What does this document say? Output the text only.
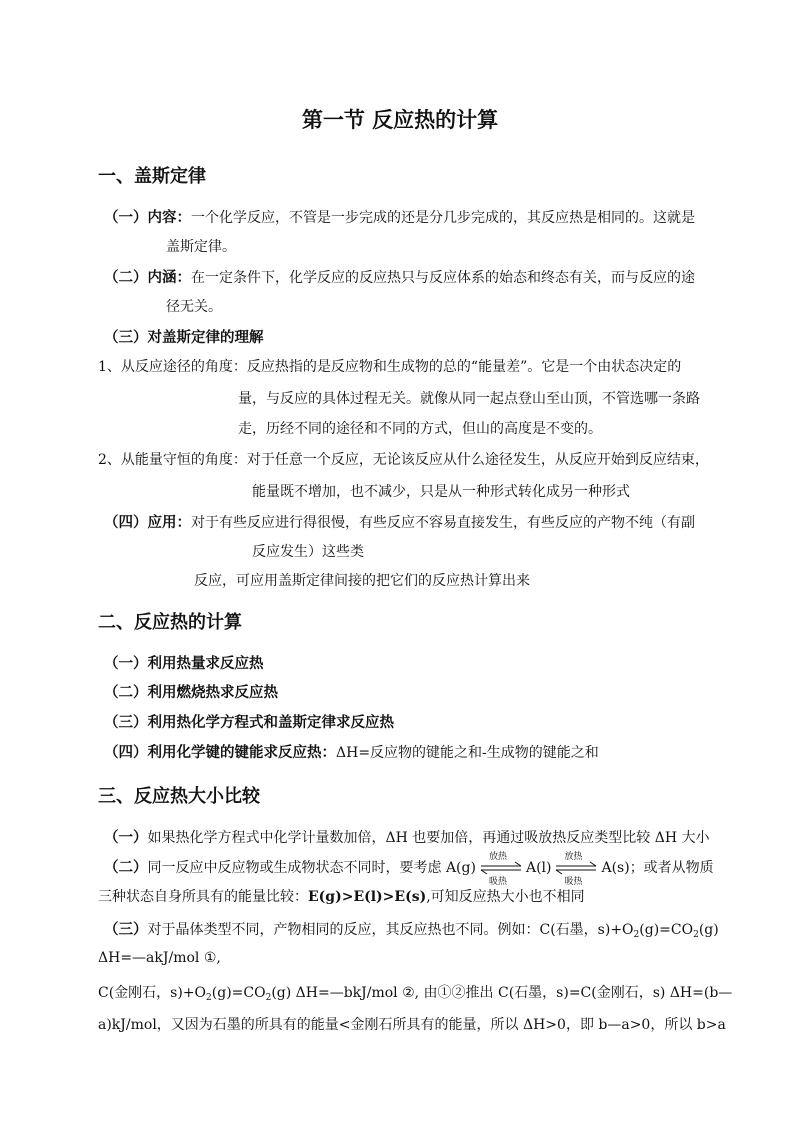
第一节 反应热的计算
一、盖斯定律
（一）内容：一个化学反应，不管是一步完成的还是分几步完成的，其反应热是相同的。这就是
盖斯定律。
（二）内涵：在一定条件下，化学反应的反应热只与反应体系的始态和终态有关，而与反应的途
径无关。
（三）对盖斯定律的理解
1、从反应途径的角度：反应热指的是反应物和生成物的总的“能量差”。它是一个由状态决定的
量，与反应的具体过程无关。就像从同一起点登山至山顶，不管选哪一条路
走，历经不同的途径和不同的方式，但山的高度是不变的。
2、从能量守恒的角度：对于任意一个反应，无论该反应从什么途径发生，从反应开始到反应结束，
能量既不增加，也不减少，只是从一种形式转化成另一种形式
（四）应用：对于有些反应进行得很慢，有些反应不容易直接发生，有些反应的产物不纯（有副
反应发生）这些类
反应，可应用盖斯定律间接的把它们的反应热计算出来
二、反应热的计算
（一）利用热量求反应热
（二）利用燃烧热求反应热
（三）利用热化学方程式和盖斯定律求反应热
（四）利用化学键的键能求反应热：ΔH=反应物的键能之和-生成物的键能之和
三、反应热大小比较
（一）如果热化学方程式中化学计量数加倍，ΔH 也要加倍，再通过吸放热反应类型比较 ΔH 大小
（二）同一反应中反应物或生成物状态不同时，要考虑 A(g)
放热
吸热
A(l)
放热
吸热
A(s)；或者从物质
三种状态自身所具有的能量比较：E(g)>E(l)>E(s),可知反应热大小也不相同
（三）对于晶体类型不同，产物相同的反应，其反应热也不同。例如：C(石墨，$s)+O_2(g)=CO_2(g)$
ΔH=—akJ/mol ①,
C(金刚石，$s)+O_2(g)=CO_2(g)$ ΔH=—bkJ/mol ②, 由①②推出 C(石墨，s)=C(金刚石，s) ΔH=(b—
a)kJ/mol，又因为石墨的所具有的能量<金刚石所具有的能量，所以 ΔH>0，即 b—a>0，所以 b>a
